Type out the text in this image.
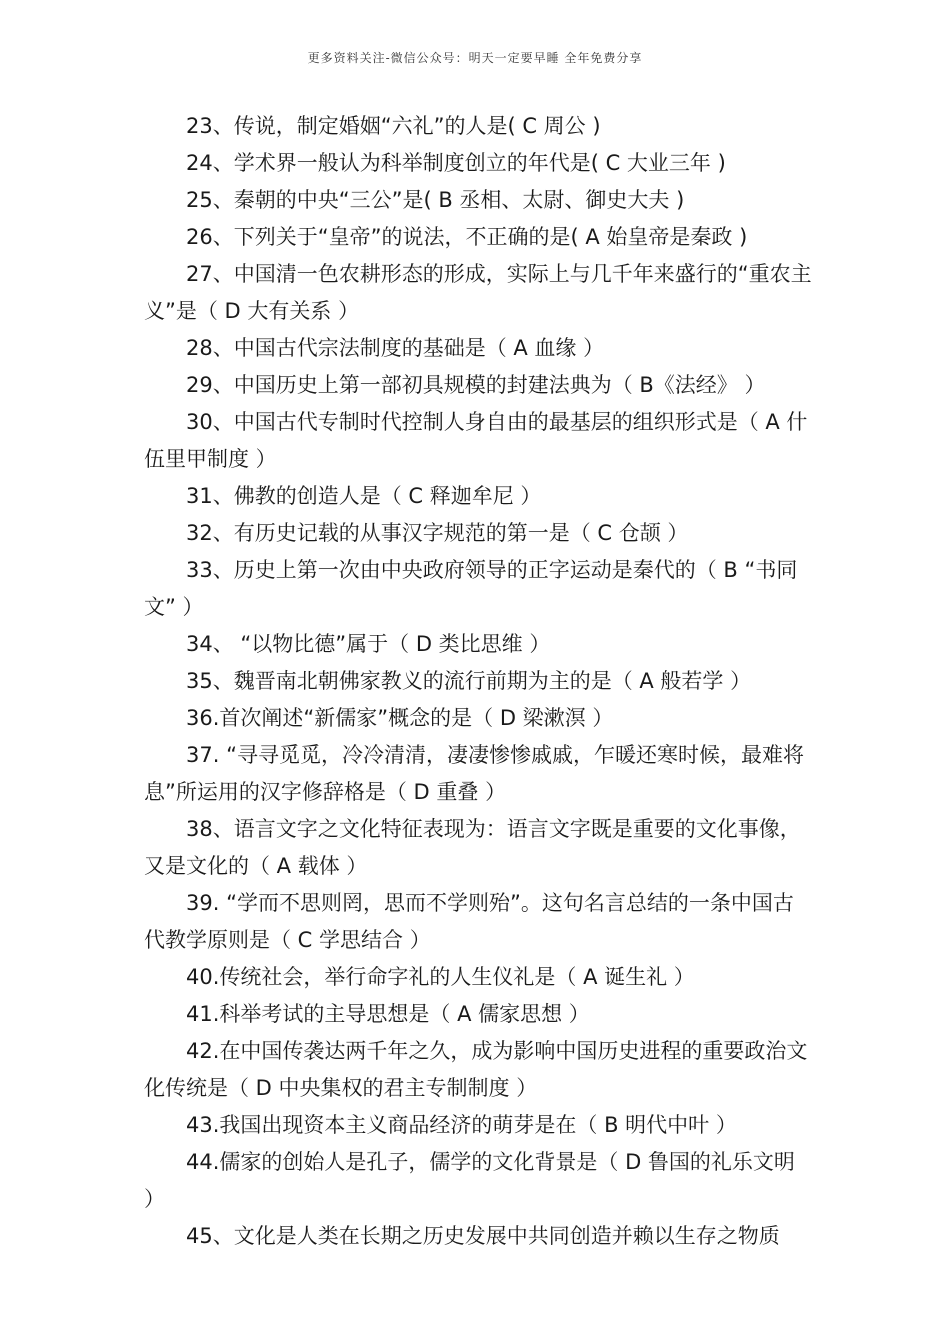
更多资料关注-微信公众号：明天一定要早睡 全年免费分享

23、传说，制定婚姻“六礼”的人是( C 周公 )

24、学术界一般认为科举制度创立的年代是( C 大业三年 )

25、秦朝的中央“三公”是( B 丞相、太尉、御史大夫 )

26、下列关于“皇帝”的说法，不正确的是( A 始皇帝是秦政 )

27、中国清一色农耕形态的形成，实际上与几千年来盛行的“重农主义”是（ D 大有关系 ）

28、中国古代宗法制度的基础是（ A 血缘 ）

29、中国历史上第一部初具规模的封建法典为（ B《法经》 ）

30、中国古代专制时代控制人身自由的最基层的组织形式是（ A 什伍里甲制度 ）

31、佛教的创造人是（ C 释迦牟尼 ）

32、有历史记载的从事汉字规范的第一是（ C 仓颉 ）

33、历史上第一次由中央政府领导的正字运动是秦代的（ B “书同文” ）

34、 “以物比德”属于（ D 类比思维 ）

35、魏晋南北朝佛家教义的流行前期为主的是（ A 般若学 ）

36.首次阐述“新儒家”概念的是（ D 梁漱溟 ）

37. “寻寻觅觅，冷冷清清，凄凄惨惨戚戚，乍暖还寒时候，最难将息”所运用的汉字修辞格是（ D 重叠 ）

38、语言文字之文化特征表现为：语言文字既是重要的文化事像，又是文化的（ A 载体 ）

39. “学而不思则罔，思而不学则殆”。这句名言总结的一条中国古代教学原则是（ C 学思结合 ）

40.传统社会，举行命字礼的人生仪礼是（ A 诞生礼 ）

41.科举考试的主导思想是（ A 儒家思想 ）

42.在中国传袭达两千年之久，成为影响中国历史进程的重要政治文化传统是（ D 中央集权的君主专制制度 ）

43.我国出现资本主义商品经济的萌芽是在（ B 明代中叶 ）

44.儒家的创始人是孔子，儒学的文化背景是（ D 鲁国的礼乐文明 ）

45、文化是人类在长期之历史发展中共同创造并赖以生存之物质
